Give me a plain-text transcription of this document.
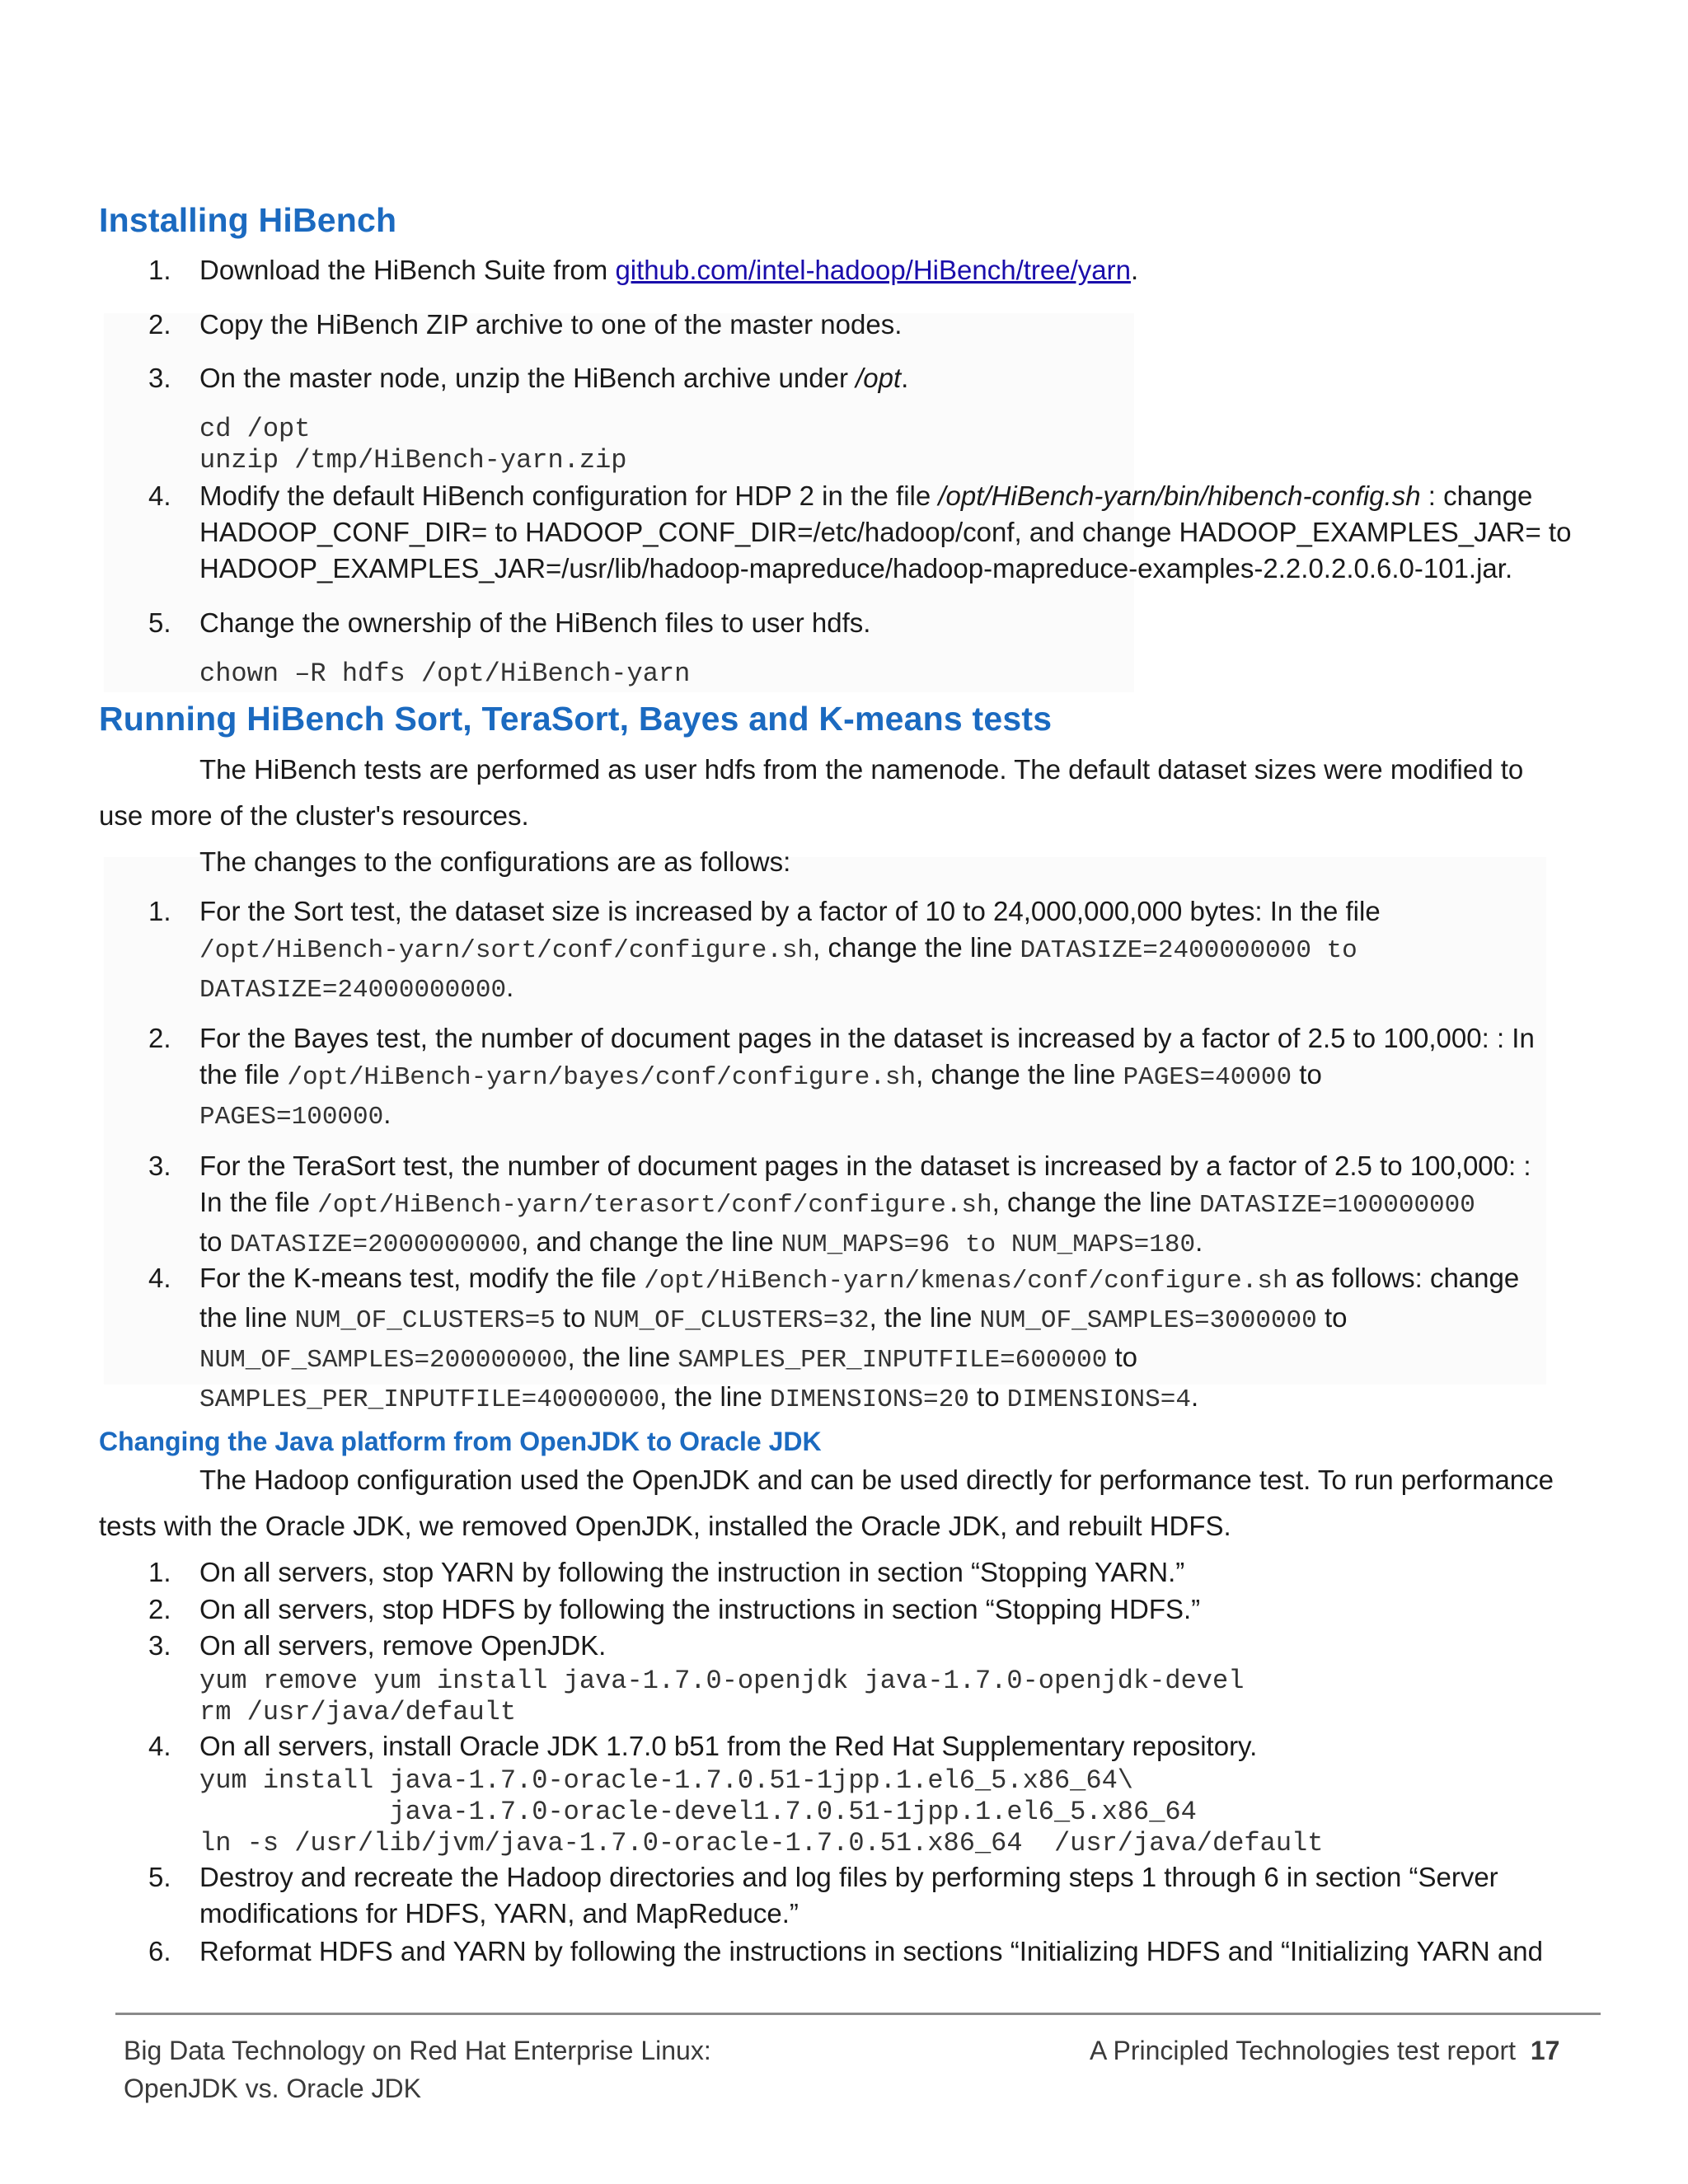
Installing HiBench
1. Download the HiBench Suite from github.com/intel-hadoop/HiBench/tree/yarn.
2. Copy the HiBench ZIP archive to one of the master nodes.
3. On the master node, unzip the HiBench archive under /opt.
cd /opt
unzip /tmp/HiBench-yarn.zip
4. Modify the default HiBench configuration for HDP 2 in the file /opt/HiBench-yarn/bin/hibench-config.sh : change
HADOOP_CONF_DIR= to HADOOP_CONF_DIR=/etc/hadoop/conf, and change HADOOP_EXAMPLES_JAR= to
HADOOP_EXAMPLES_JAR=/usr/lib/hadoop-mapreduce/hadoop-mapreduce-examples-2.2.0.2.0.6.0-101.jar.
5. Change the ownership of the HiBench files to user hdfs.
chown –R hdfs /opt/HiBench-yarn
Running HiBench Sort, TeraSort, Bayes and K-means tests
The HiBench tests are performed as user hdfs from the namenode. The default dataset sizes were modified to
use more of the cluster's resources.
The changes to the configurations are as follows:
1. For the Sort test, the dataset size is increased by a factor of 10 to 24,000,000,000 bytes: In the file
/opt/HiBench-yarn/sort/conf/configure.sh, change the line DATASIZE=2400000000 to
DATASIZE=24000000000.
2. For the Bayes test, the number of document pages in the dataset is increased by a factor of 2.5 to 100,000: : In
the file /opt/HiBench-yarn/bayes/conf/configure.sh, change the line PAGES=40000 to
PAGES=100000.
3. For the TeraSort test, the number of document pages in the dataset is increased by a factor of 2.5 to 100,000: :
In the file /opt/HiBench-yarn/terasort/conf/configure.sh, change the line DATASIZE=100000000
to DATASIZE=2000000000, and change the line NUM_MAPS=96 to NUM_MAPS=180.
4. For the K-means test, modify the file /opt/HiBench-yarn/kmenas/conf/configure.sh as follows: change
the line NUM_OF_CLUSTERS=5 to NUM_OF_CLUSTERS=32, the line NUM_OF_SAMPLES=3000000 to
NUM_OF_SAMPLES=200000000, the line SAMPLES_PER_INPUTFILE=600000 to
SAMPLES_PER_INPUTFILE=40000000, the line DIMENSIONS=20 to DIMENSIONS=4.
Changing the Java platform from OpenJDK to Oracle JDK
The Hadoop configuration used the OpenJDK and can be used directly for performance test. To run performance
tests with the Oracle JDK, we removed OpenJDK, installed the Oracle JDK, and rebuilt HDFS.
1. On all servers, stop YARN by following the instruction in section “Stopping YARN.”
2. On all servers, stop HDFS by following the instructions in section “Stopping HDFS.”
3. On all servers, remove OpenJDK.
yum remove yum install java-1.7.0-openjdk java-1.7.0-openjdk-devel
rm /usr/java/default
4. On all servers, install Oracle JDK 1.7.0 b51 from the Red Hat Supplementary repository.
yum install java-1.7.0-oracle-1.7.0.51-1jpp.1.el6_5.x86_64\
java-1.7.0-oracle-devel1.7.0.51-1jpp.1.el6_5.x86_64
ln -s /usr/lib/jvm/java-1.7.0-oracle-1.7.0.51.x86_64  /usr/java/default
5. Destroy and recreate the Hadoop directories and log files by performing steps 1 through 6 in section “Server
modifications for HDFS, YARN, and MapReduce.”
6. Reformat HDFS and YARN by following the instructions in sections “Initializing HDFS and “Initializing YARN and
Big Data Technology on Red Hat Enterprise Linux:
OpenJDK vs. Oracle JDK
A Principled Technologies test report 17
